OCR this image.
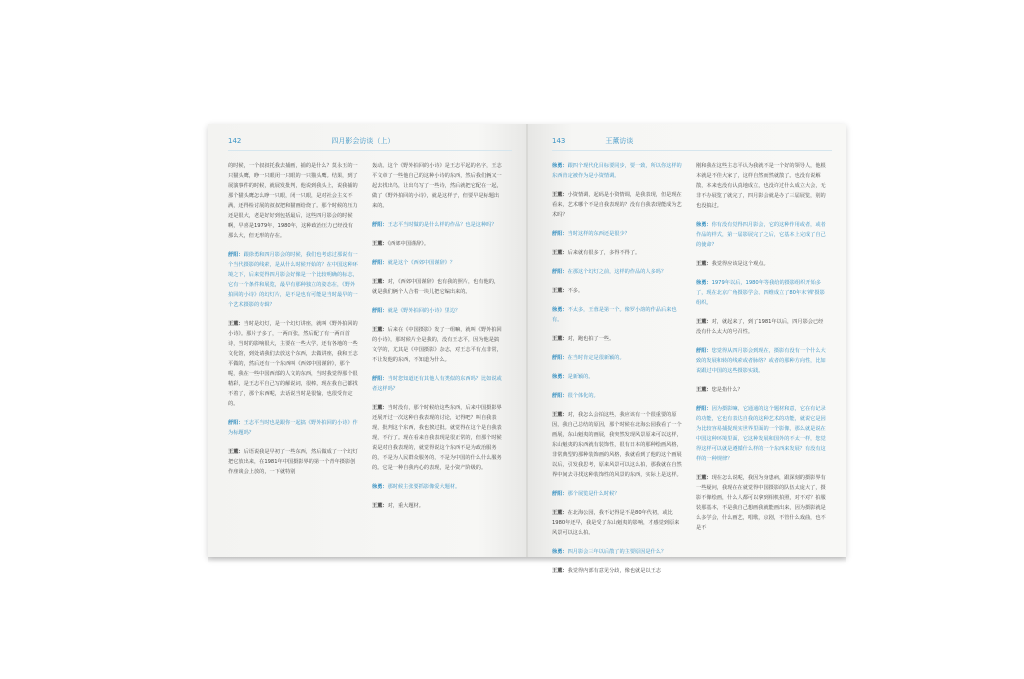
142	四月影会访谈（上）

的时候，一个叔叔托我去捕画，捕的是什么？莫永玉的一只猫头鹰，睁一只眼闭一只眼的一只猫头鹰。结果，到了展演事件的时候，就展发批判，他说到我头上，说我捕的那个猫头鹰怎么睁一只眼，闭一只眼，是对社会主义不满，还得检讨展的叔叔把和猫画给烧了。那个时候的压力还是很大，老是好好到包括最后，这些四月影会的时候啊，早喜是1979年，1980年，这种政治压力已经没有那么大，但无形的存在。

舒阳：跟徐勇和四月影会的时候，我们也考虑过那说有一个当代摄影的线索，是从什么时候开始的？在中国这种环境之下，后来觉得四月影会好像是一个比较明确的标志，它有一个条件和展览，最早有那种独立的姿态在，《野外拍回的小诗》的幻灯片，是不是也有可能是当时最早的一个艺术摄影的专辑？

王薰：当时是幻灯，是一个幻灯讲座，就叫《野外拍回的小诗》。那片子多了，一两百张，然后配了有一两百首诗，当时的影响很大，主要在一些大学，还有各地的一些文化馆，到处请我们去放这个东西，去做讲座，我和王志平做的，然后还有一个东西叫《西郊中国谨辞》，那个呢，我在一些中国西部的人文的东西，当时我觉得那个很精彩，是王志平自己写的解说词，很棒，现在我自己都找不着了，那个东西呢，去话说当时是很愉，也很受肯定的。

舒阳：王志平当时也是跟你一起搞《野外拍回的小诗》作为标题吗？

王薰：后语说我是早初了一些东西，然后做成了一个幻灯把它放出来，在1981年中国摄影界的第一个青年摄影创作座谈会上放的，一下就特别

轰动。这个《野外拍回的小诗》是王志平起的名字，王志平文章了一些他自己的这种小诗的东西，然后我们俩又一起去找出鸟，让出鸟写了一些诗，然后就把它配在一起，做了《野外拍回的小诗》，就是这样子，但要早是标题出来的。

舒阳：王志平当时做的是什么样的作品？也是这种吗？

王薰：《西郊中国谨辞》。

舒阳：就是这个《西郊中国谨辞》？

王薰：对，《西郊中国谨辞》也有我的照片，也有他的，就是我们俩个人合着一块儿把它编出来的。

舒阳：就是《野外拍回的小诗》里边？

王薰：后来在《中国摄影》发了一组嘛，就叫《野外拍回的小诗》，那时候片全是我的，没有王志平，因为他是搞文学的，尤其是《中国摄影》杂志，对王志平有点非常，不让发他的东西，不知道为什么。

舒阳：当时您知道还有其他人有类似的东西吗？比如说或者这样吗？

王薰：当时没有，那个时候给这些东西，后来中国摄影界还展开过一次这种自我表现的讨论，记得吧？叫自我表现，批判这个东西，我也挨过批。就觉得在这个是自我表现，不行了。现在看来自我表现是很正常的，但那个时候说是对自我表现的，就觉得说这个东西不是为政治服务的，不是为人民群众服务的，不是为中国的什么什么服务的。它是一种自我内心的表现，是小资产阶级的。

徐勇：那时候主张要抓影像爱大题材。

王薰：对，重大题材。

143	王薰访谈

徐勇：跟四个现代化目标要同步，要一致，所以你这样的东西肯定被作为是小资情调。

王薰：小资情调，起码是小资情调，是我表现，但是现在看来，艺术哪个不是自我表现的？没有自我表现能成为艺术吗？

舒阳：当时这样的东西还是很少？

王薰：后来就有很多了，多得不得了。

舒阳：在那这个幻灯之前，这样的作品的人多吗？

王薰：不多。

徐勇：不太多，王蓉是第一个。像罗小韵的作品后来也有。

王薰：对，跑也拍了一些。

舒阳：在当时肯定是很新颖的。

徐勇：是新颖的。

舒阳：很个体化的。

王薰：对，我怎么会拍这些，我应该有一个很重要的原因，我自己总结的原因，那个时候在北海公园我看了一个画展，东山魁夷的画展，我突然发现风景原来可以这样，东山魁夷的东西就有装饰性，很有日本的那种绘画风格，非常典型的那种装饰画的风格，我就看到了他的这个画展以后，引发我思考，原来风景可以这么拍，那我就在自然界中间去寻找这种装饰性的风景的东西，实际上是这样。

舒阳：那个展览是什么时候？

王薰：在北海公园，我不记得是不是80年代初，或比1980年还早，我是受了东山魁夷的影响，才感觉到原来风景可以这么拍。

徐勇：四月影会三年以后散了的主要原因是什么？

王薰：我觉得内部有意见分歧，像也就是以王志

刚和我在这些主志平认为我就不是一个好的领导人，他根本就是不佳大家了，这样自然而然就散了。也没有说解散，本来也没有认真地成立，也没许过什么成立大会，无非不办展览了就完了，四月影会就是办了三届展览，别的也没搞过。

徐勇：你有没有觉得四月影会，它的这种作用或者，或者作品的样式，第一届影展完了之后，它基本上完成了自己的使命？

王薰：我觉得应该是这个观点。

徐勇：1979年以后，1980年等我给的摄影组织开始多了，现在北京广角摄影学会、四维成立了80年末'裸'摄影组织。

王薰：对，就起来了，到了1981年以后，四月影会已经没有什么太大的号召性。

舒阳：您觉得从四月影会到现在，摄影有没有一个什么大致的发展和转的线索或者脉络？或者的那种方向性，比如说跟过中国的这些摄影实践。

王薰：您是指什么？

舒阳：因为摄影嘛，它通通的这个题材和意，它在有记录的功能，它也有表达自我的这种艺术的功能，就说它是因为比较容易捕捉现实世界里面的一个影像，那么就是说在中国这种环境里面，它这种发展和国外的不太一样，您觉得这样可以就是遵循什么样的一个东西来发展？有没有这样的一种规律？

王薰：现在怎么说呢，我因为身患病，跟深刻的摄影界有一些疑问，我现在在就觉得中国摄影的队伍太庞大了，摄影不像绘画，什么人都可以拿到相机拍照，对不对？拍服装那基本，不是我自己想画我就能画出来，因为摄影就是么多学会，什么画艺，唱歌，京剧，不管什么戏曲，也不是不
